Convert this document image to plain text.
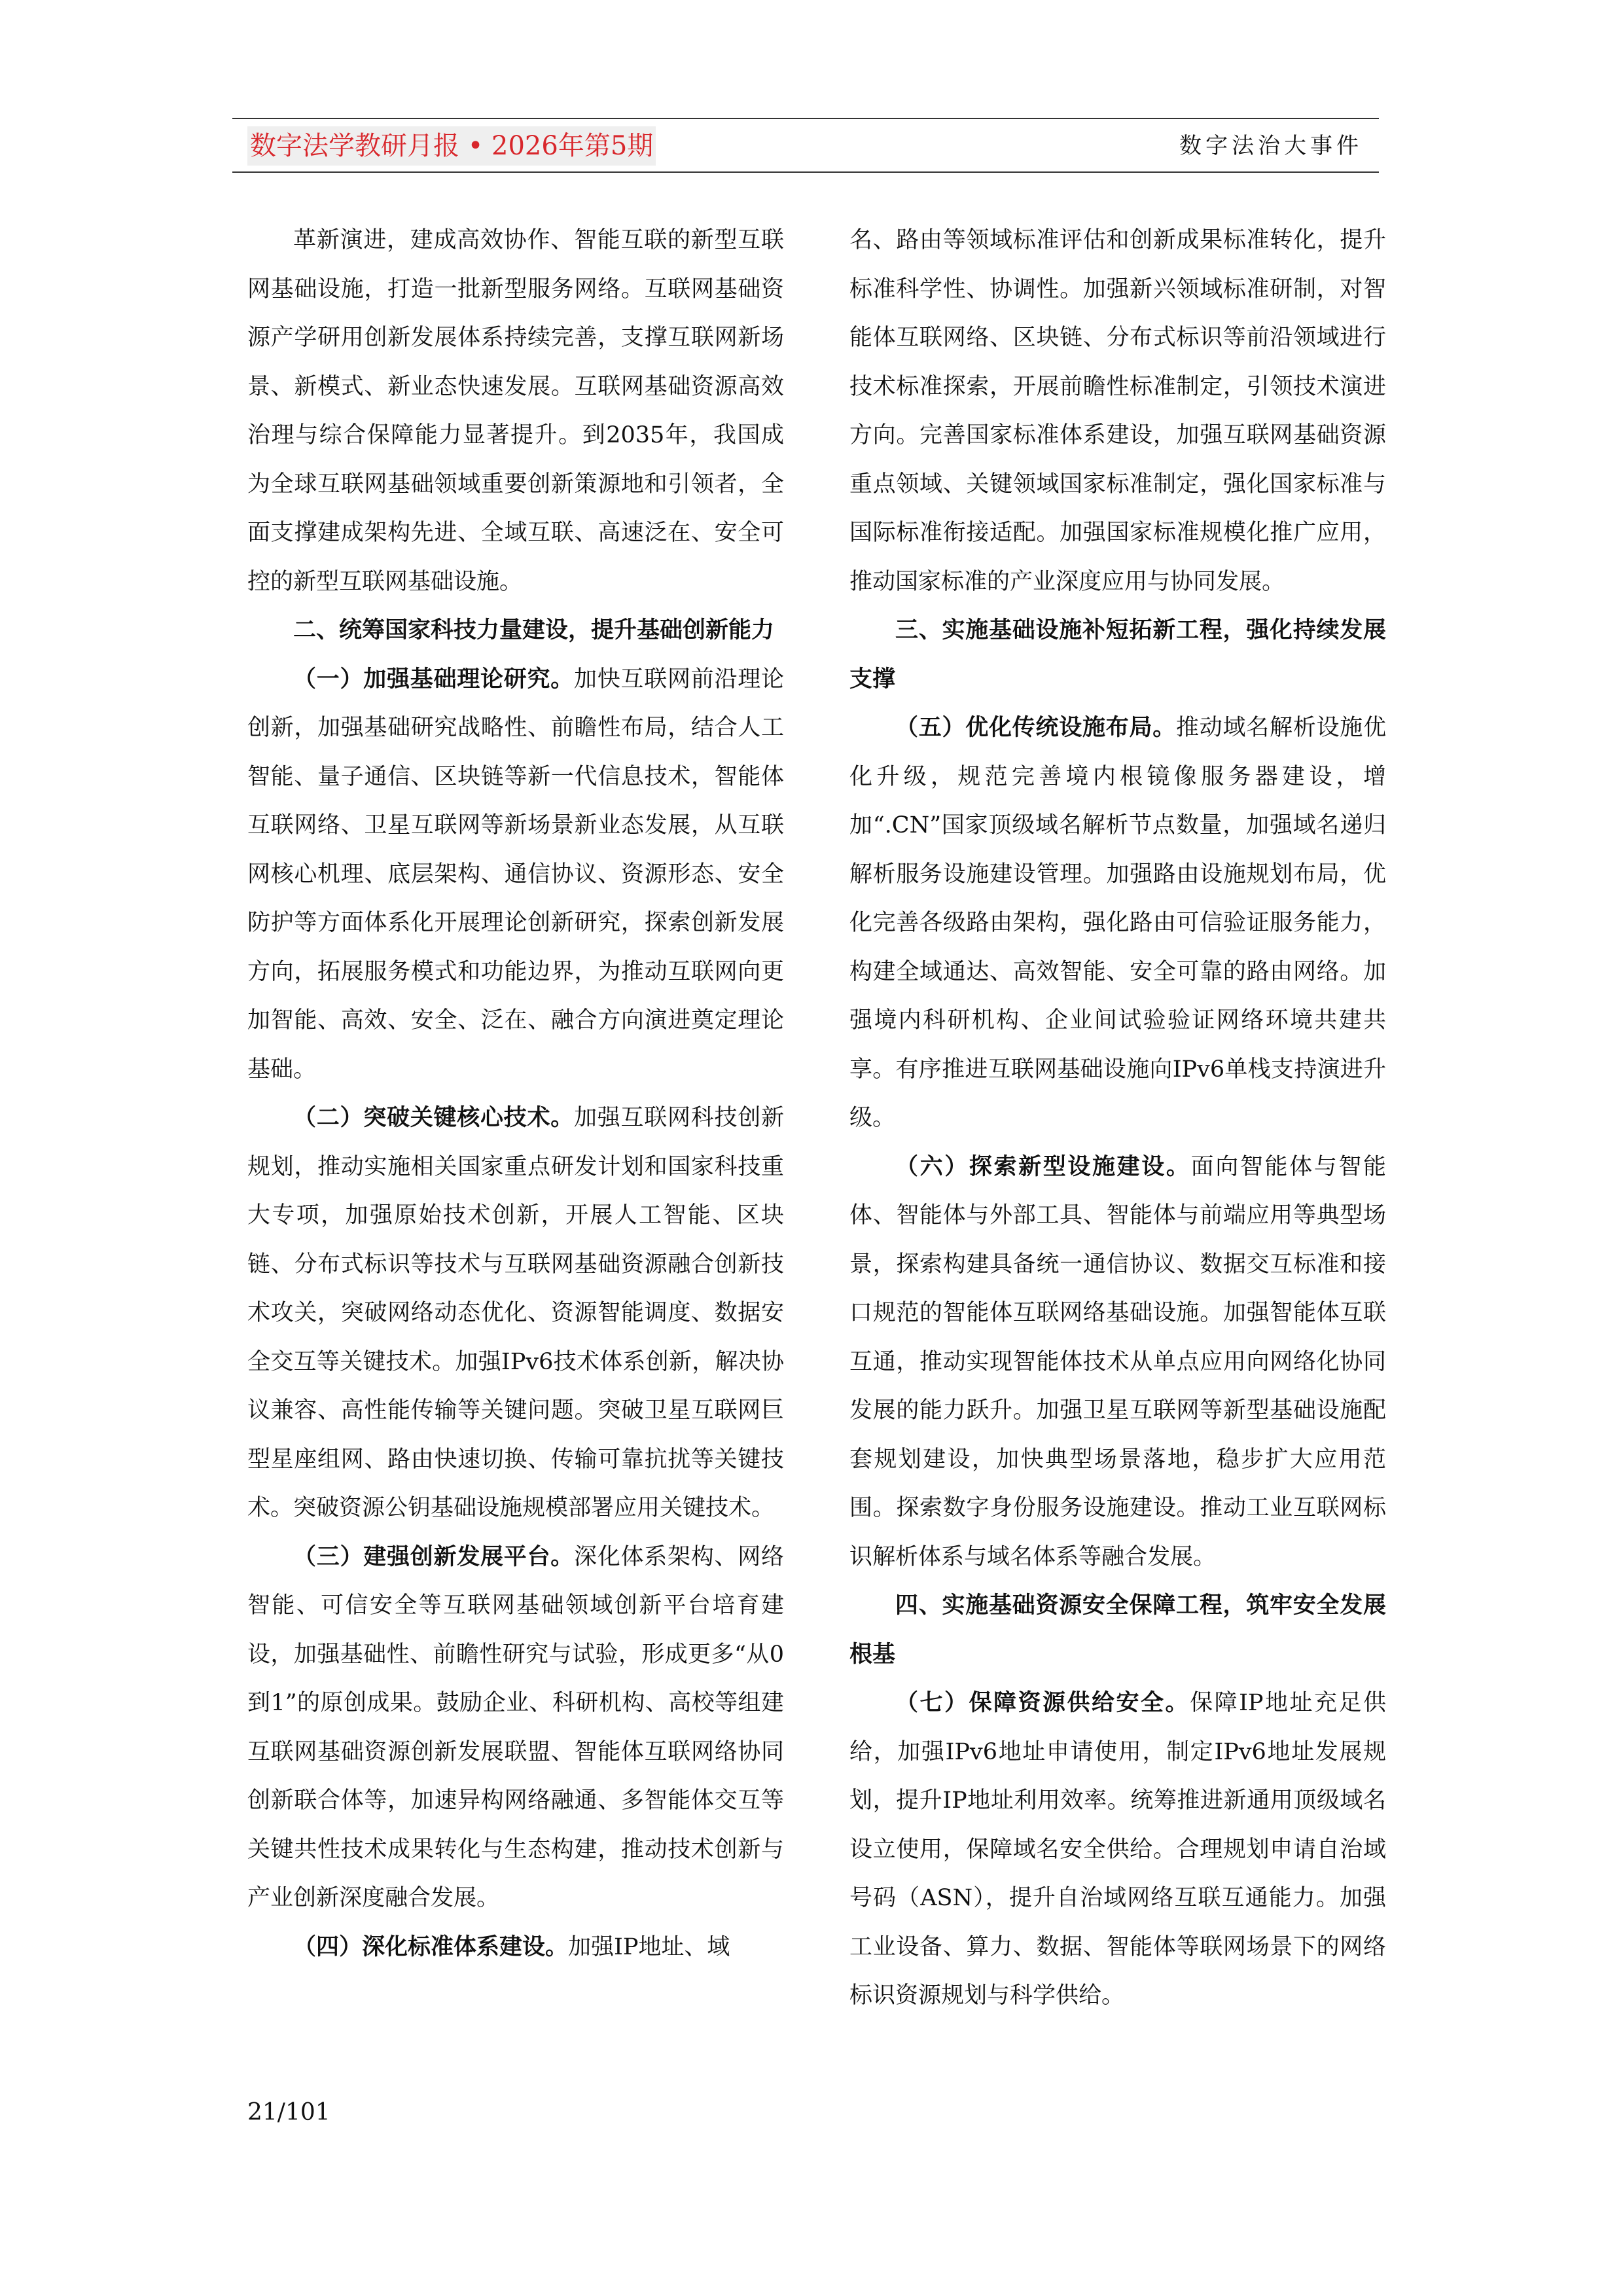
数字法学教研月报 • 2026年第5期	数字法治大事件

革新演进，建成高效协作、智能互联的新型互联网基础设施，打造一批新型服务网络。互联网基础资源产学研用创新发展体系持续完善，支撑互联网新场景、新模式、新业态快速发展。互联网基础资源高效治理与综合保障能力显著提升。到2035年，我国成为全球互联网基础领域重要创新策源地和引领者，全面支撑建成架构先进、全域互联、高速泛在、安全可控的新型互联网基础设施。

二、统筹国家科技力量建设，提升基础创新能力

（一）加强基础理论研究。加快互联网前沿理论创新，加强基础研究战略性、前瞻性布局，结合人工智能、量子通信、区块链等新一代信息技术，智能体互联网络、卫星互联网等新场景新业态发展，从互联网核心机理、底层架构、通信协议、资源形态、安全防护等方面体系化开展理论创新研究，探索创新发展方向，拓展服务模式和功能边界，为推动互联网向更加智能、高效、安全、泛在、融合方向演进奠定理论基础。

（二）突破关键核心技术。加强互联网科技创新规划，推动实施相关国家重点研发计划和国家科技重大专项，加强原始技术创新，开展人工智能、区块链、分布式标识等技术与互联网基础资源融合创新技术攻关，突破网络动态优化、资源智能调度、数据安全交互等关键技术。加强IPv6技术体系创新，解决协议兼容、高性能传输等关键问题。突破卫星互联网巨型星座组网、路由快速切换、传输可靠抗扰等关键技术。突破资源公钥基础设施规模部署应用关键技术。

（三）建强创新发展平台。深化体系架构、网络智能、可信安全等互联网基础领域创新平台培育建设，加强基础性、前瞻性研究与试验，形成更多“从0到1”的原创成果。鼓励企业、科研机构、高校等组建互联网基础资源创新发展联盟、智能体互联网络协同创新联合体等，加速异构网络融通、多智能体交互等关键共性技术成果转化与生态构建，推动技术创新与产业创新深度融合发展。

（四）深化标准体系建设。加强IP地址、域

名、路由等领域标准评估和创新成果标准转化，提升标准科学性、协调性。加强新兴领域标准研制，对智能体互联网络、区块链、分布式标识等前沿领域进行技术标准探索，开展前瞻性标准制定，引领技术演进方向。完善国家标准体系建设，加强互联网基础资源重点领域、关键领域国家标准制定，强化国家标准与国际标准衔接适配。加强国家标准规模化推广应用，推动国家标准的产业深度应用与协同发展。

三、实施基础设施补短拓新工程，强化持续发展支撑

（五）优化传统设施布局。推动域名解析设施优化升级，规范完善境内根镜像服务器建设，增加“.CN”国家顶级域名解析节点数量，加强域名递归解析服务设施建设管理。加强路由设施规划布局，优化完善各级路由架构，强化路由可信验证服务能力，构建全域通达、高效智能、安全可靠的路由网络。加强境内科研机构、企业间试验验证网络环境共建共享。有序推进互联网基础设施向IPv6单栈支持演进升级。

（六）探索新型设施建设。面向智能体与智能体、智能体与外部工具、智能体与前端应用等典型场景，探索构建具备统一通信协议、数据交互标准和接口规范的智能体互联网络基础设施。加强智能体互联互通，推动实现智能体技术从单点应用向网络化协同发展的能力跃升。加强卫星互联网等新型基础设施配套规划建设，加快典型场景落地，稳步扩大应用范围。探索数字身份服务设施建设。推动工业互联网标识解析体系与域名体系等融合发展。

四、实施基础资源安全保障工程，筑牢安全发展根基

（七）保障资源供给安全。保障IP地址充足供给，加强IPv6地址申请使用，制定IPv6地址发展规划，提升IP地址利用效率。统筹推进新通用顶级域名设立使用，保障域名安全供给。合理规划申请自治域号码（ASN），提升自治域网络互联互通能力。加强工业设备、算力、数据、智能体等联网场景下的网络标识资源规划与科学供给。

21/101
